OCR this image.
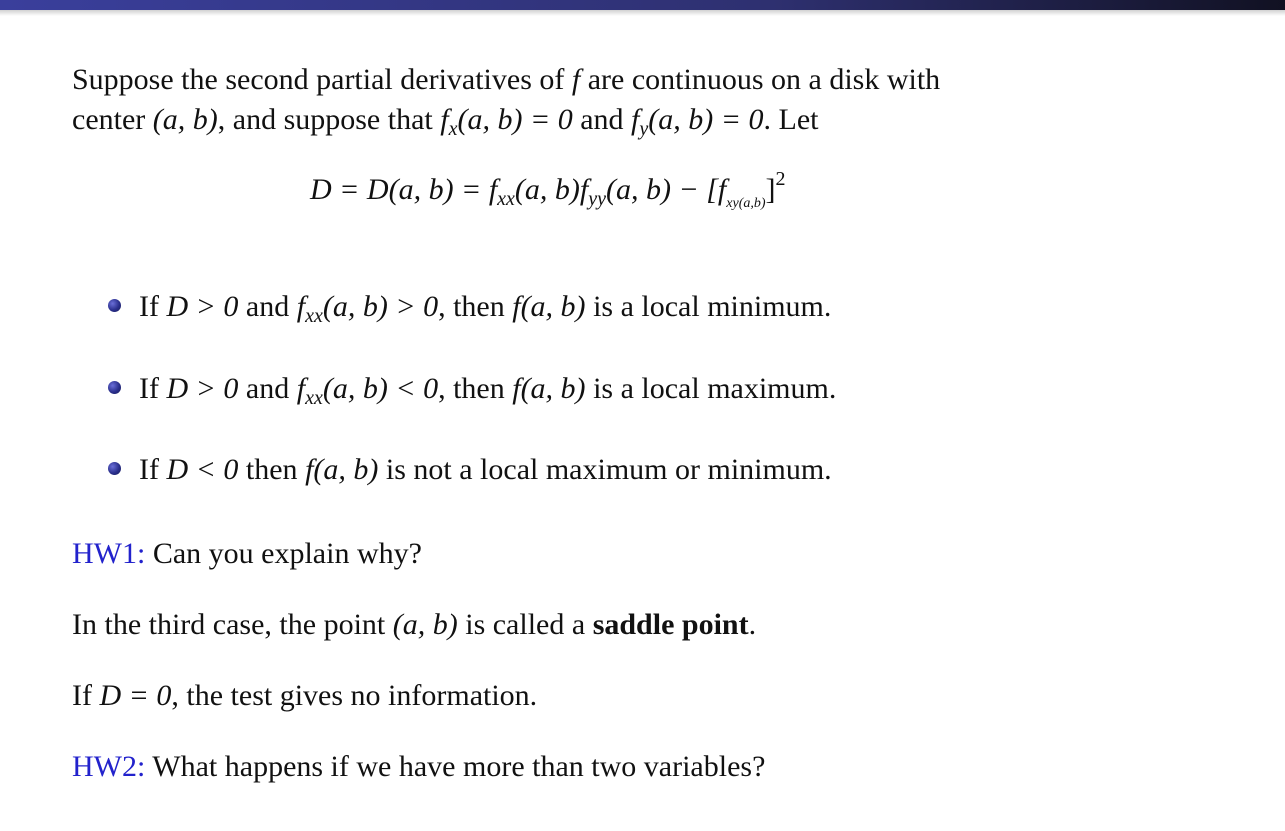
Suppose the second partial derivatives of f are continuous on a disk with
center (a, b), and suppose that $f_x(a$, b) = 0 and $f_y(a$, b) = 0. Let
D = D(a, $b) = f_{xx}(a$, $b)f_{yy}(a$, $b) - [f_{xy(a,b)}]^2$
If D > 0 and $f_{xx}(a$, b) > 0, then f(a, b) is a local minimum.
If D > 0 and $f_{xx}(a$, b) < 0, then f(a, b) is a local maximum.
If D < 0 then f(a, b) is not a local maximum or minimum.
HW1: Can you explain why?
In the third case, the point (a, b) is called a saddle point.
If D = 0, the test gives no information.
HW2: What happens if we have more than two variables?
